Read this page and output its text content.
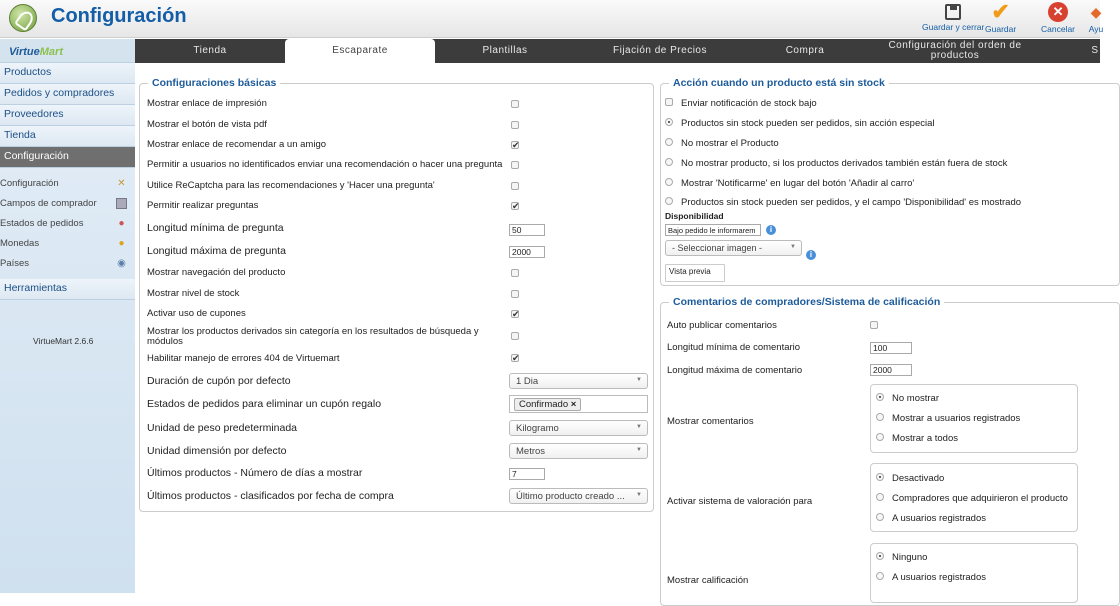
Configuración	Guardar y cerrar
✔
Guardar
✕
Cancelar
◆
Ayu
Tienda	Escaparate	Plantillas	Fijación de Precios	Compra	Configuración del orden de productos	S
VirtueMart
Productos
Pedidos y compradores
Proveedores
Tienda
Configuración
Configuración	✕
Campos de comprador
Estados de pedidos	●
Monedas	●
Países	◉
Herramientas
VirtueMart 2.6.6
Configuraciones básicas
Mostrar enlace de impresión
Mostrar el botón de vista pdf
Mostrar enlace de recomendar a un amigo	✔
Permitir a usuarios no identificados enviar una recomendación o hacer una pregunta
Utilice ReCaptcha para las recomendaciones y 'Hacer una pregunta'
Permitir realizar preguntas	✔
Longitud mínima de pregunta	50
Longitud máxima de pregunta	2000
Mostrar navegación del producto
Mostrar nivel de stock
Activar uso de cupones	✔
Mostrar los productos derivados sin categoría en los resultados de búsqueda y módulos
Habilitar manejo de errores 404 de Virtuemart	✔
Duración de cupón por defecto	1 Dia ▼
Estados de pedidos para eliminar un cupón regalo	Confirmado ×
Unidad de peso predeterminada	Kilogramo ▼
Unidad dimensión por defecto	Metros ▼
Últimos productos - Número de días a mostrar	7
Últimos productos - clasificados por fecha de compra	Último producto creado ... ▼
Acción cuando un producto está sin stock
Enviar notificación de stock bajo
Productos sin stock pueden ser pedidos, sin acción especial
No mostrar el Producto
No mostrar producto, si los productos derivados también están fuera de stock
Mostrar 'Notificarme' en lugar del botón 'Añadir al carro'
Productos sin stock pueden ser pedidos, y el campo 'Disponibilidad' es mostrado
Disponibilidad
Bajo pedido le informarem	i
- Seleccionar imagen - ▼
i
Vista previa
Comentarios de compradores/Sistema de calificación
Auto publicar comentarios
Longitud mínima de comentario	100
Longitud máxima de comentario	2000
Mostrar comentarios
No mostrar
Mostrar a usuarios registrados
Mostrar a todos
Activar sistema de valoración para
Desactivado
Compradores que adquirieron el producto
A usuarios registrados
Mostrar calificación
Ninguno
A usuarios registrados
